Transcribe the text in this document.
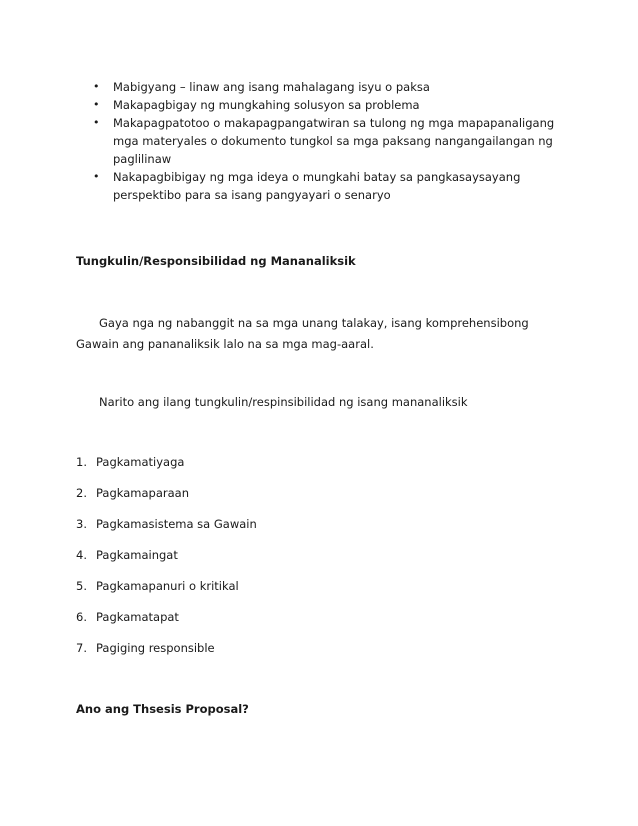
•	Mabigyang – linaw ang isang mahalagang isyu o paksa
•	Makapagbigay ng mungkahing solusyon sa problema
•	Makapagpatotoo o makapagpangatwiran sa tulong ng mga mapapanaligang mga materyales o dokumento tungkol sa mga paksang nangangailangan ng paglilinaw
•	Nakapagbibigay ng mga ideya o mungkahi batay sa pangkasaysayang perspektibo para sa isang pangyayari o senaryo

Tungkulin/Responsibilidad ng Mananaliksik

Gaya nga ng nabanggit na sa mga unang talakay, isang komprehensibong Gawain ang pananaliksik lalo na sa mga mag-aaral.

Narito ang ilang tungkulin/respinsibilidad ng isang mananaliksik

1. Pagkamatiyaga
2. Pagkamaparaan
3. Pagkamasistema sa Gawain
4. Pagkamaingat
5. Pagkamapanuri o kritikal
6. Pagkamatapat
7. Pagiging responsible

Ano ang Thsesis Proposal?
